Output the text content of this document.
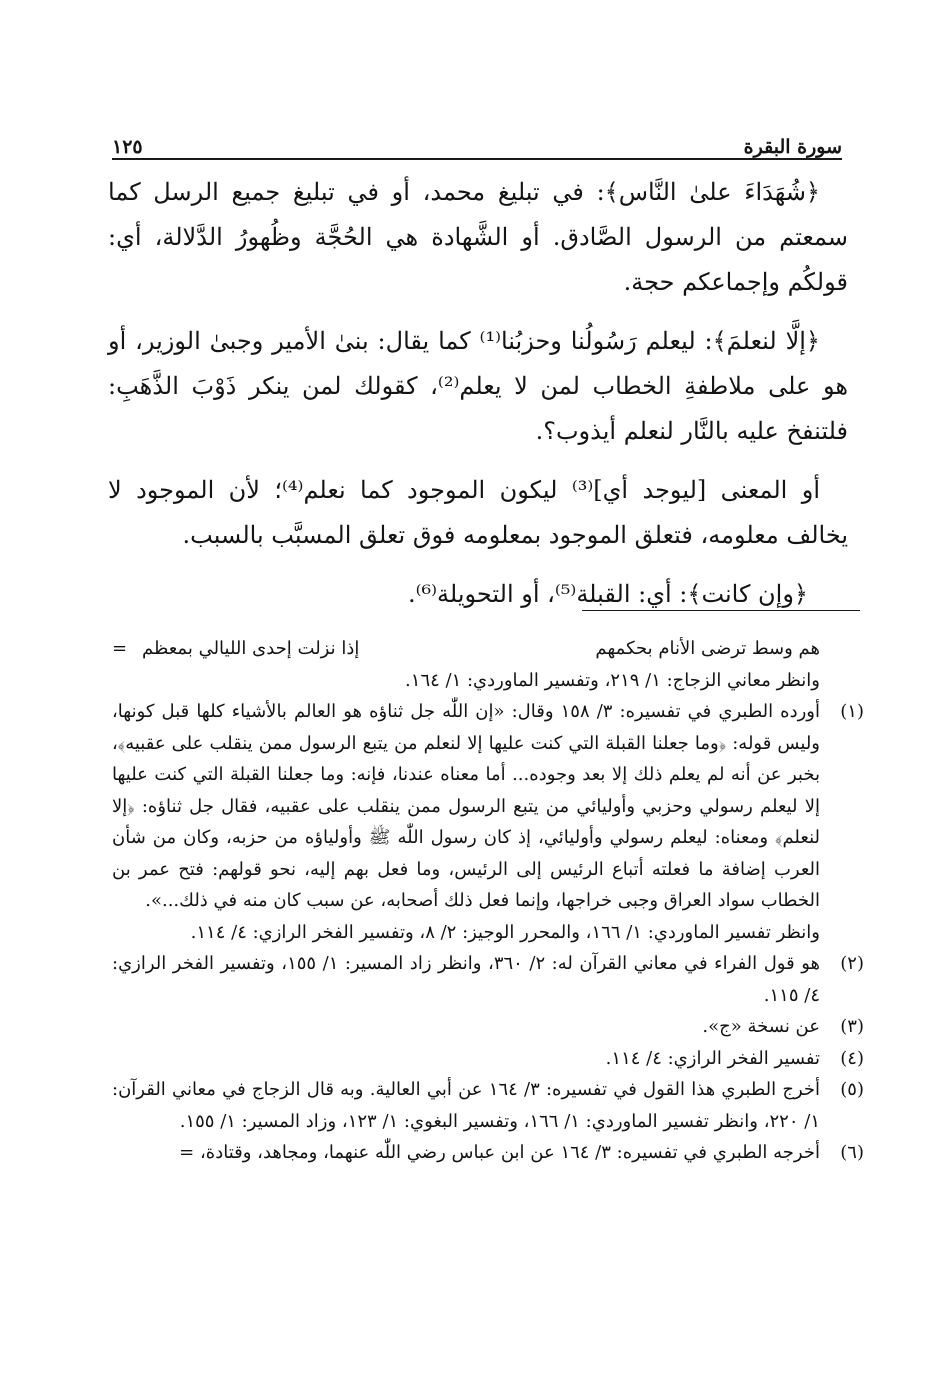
سورة البقرة
١٢٥

﴿شُهَدَاءَ علىٰ النَّاس﴾: في تبليغ محمد، أو في تبليغ جميع الرسل كما سمعتم من الرسول الصَّادق. أو الشَّهادة هي الحُجَّة وظُهورُ الدَّلالة، أي: قولكُم وإجماعكم حجة.

﴿إلَّا لنعلمَ﴾: ليعلم رَسُولُنا وحزبُنا⁽¹⁾ كما يقال: بنىٰ الأمير وجبىٰ الوزير، أو هو على ملاطفةِ الخطاب لمن لا يعلم⁽²⁾، كقولك لمن ينكر ذَوْبَ الذَّهَبِ: فلتنفخ عليه بالنَّار لنعلم أيذوب؟.

أو المعنى [ليوجد أي]⁽³⁾ ليكون الموجود كما نعلم⁽⁴⁾؛ لأن الموجود لا يخالف معلومه، فتعلق الموجود بمعلومه فوق تعلق المسبَّب بالسبب.

﴿وإن كانت﴾: أي: القبلة⁽⁵⁾، أو التحويلة⁽⁶⁾.

=	هم وسط ترضى الأنام بحكمهم
إذا نزلت إحدى الليالي بمعظم
وانظر معاني الزجاج: ١/ ٢١٩، وتفسير الماوردي: ١/ ١٦٤.
(١)
أورده الطبري في تفسيره: ٣/ ١٥٨ وقال: «إن اللّٰه جل ثناؤه هو العالم بالأشياء كلها قبل كونها، وليس قوله: ﴿وما جعلنا القبلة التي كنت عليها إلا لنعلم من يتبع الرسول ممن ينقلب على عقبيه﴾، بخبر عن أنه لم يعلم ذلك إلا بعد وجوده... أما معناه عندنا، فإنه: وما جعلنا القبلة التي كنت عليها إلا ليعلم رسولي وحزبي وأوليائي من يتبع الرسول ممن ينقلب على عقبيه، فقال جل ثناؤه: ﴿إلا لنعلم﴾ ومعناه: ليعلم رسولي وأوليائي، إذ كان رسول اللّٰه ﷺ وأولياؤه من حزبه، وكان من شأن العرب إضافة ما فعلته أتباع الرئيس إلى الرئيس، وما فعل بهم إليه، نحو قولهم: فتح عمر بن الخطاب سواد العراق وجبى خراجها، وإنما فعل ذلك أصحابه، عن سبب كان منه في ذلك...».
وانظر تفسير الماوردي: ١/ ١٦٦، والمحرر الوجيز: ٢/ ٨، وتفسير الفخر الرازي: ٤/ ١١٤.
(٢)
هو قول الفراء في معاني القرآن له: ٢/ ٣٦٠، وانظر زاد المسير: ١/ ١٥٥، وتفسير الفخر الرازي: ٤/ ١١٥.
(٣)
عن نسخة «ج».
(٤)
تفسير الفخر الرازي: ٤/ ١١٤.
(٥)
أخرج الطبري هذا القول في تفسيره: ٣/ ١٦٤ عن أبي العالية. وبه قال الزجاج في معاني القرآن: ١/ ٢٢٠، وانظر تفسير الماوردي: ١/ ١٦٦، وتفسير البغوي: ١/ ١٢٣، وزاد المسير: ١/ ١٥٥.
(٦)
أخرجه الطبري في تفسيره: ٣/ ١٦٤ عن ابن عباس رضي اللّٰه عنهما، ومجاهد، وقتادة، =
